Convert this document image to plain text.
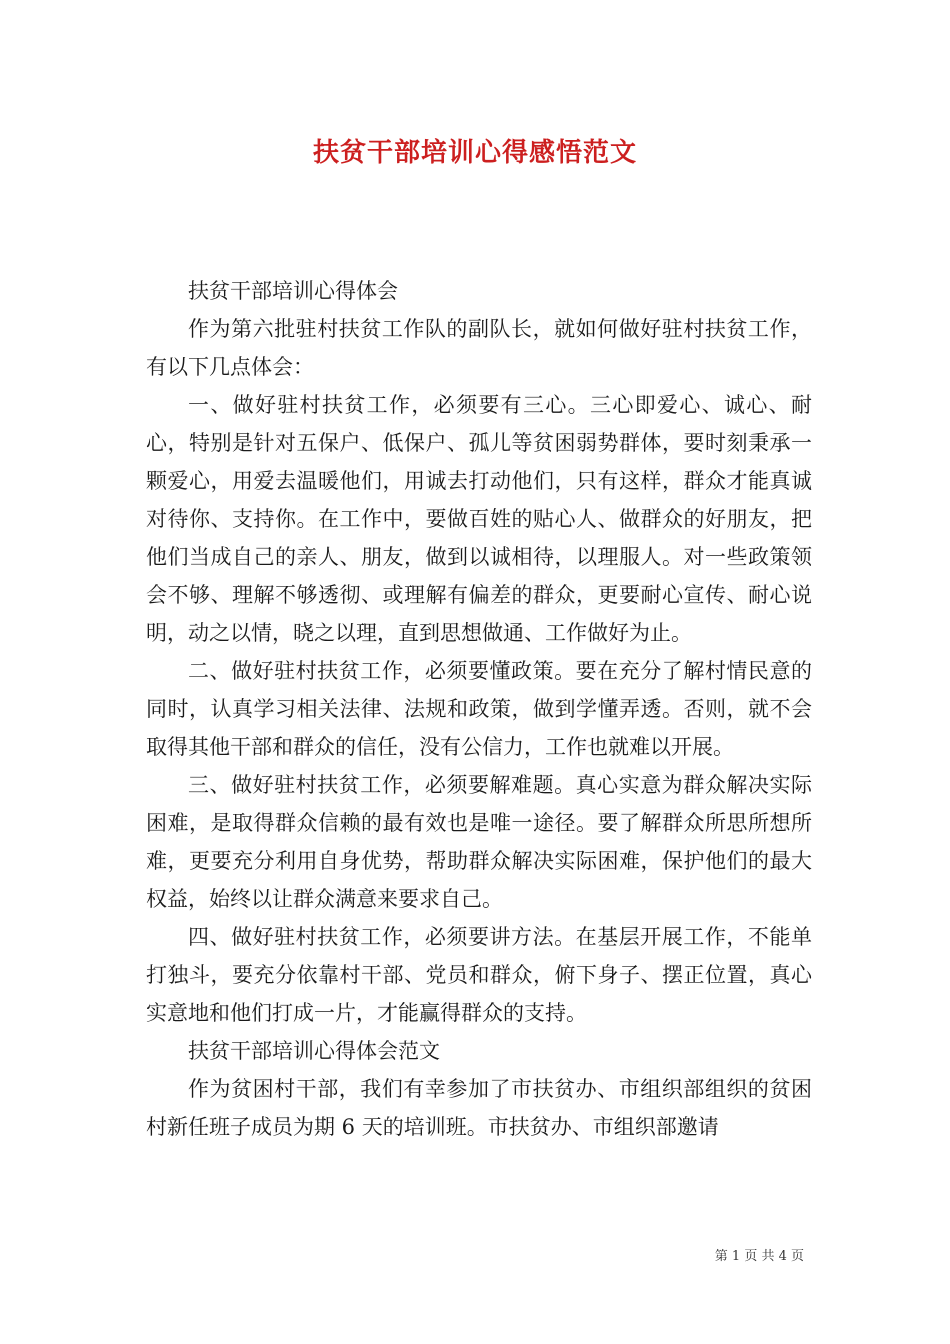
扶贫干部培训心得感悟范文

扶贫干部培训心得体会

作为第六批驻村扶贫工作队的副队长，就如何做好驻村扶贫工作，有以下几点体会：

一、做好驻村扶贫工作，必须要有三心。三心即爱心、诚心、耐心，特别是针对五保户、低保户、孤儿等贫困弱势群体，要时刻秉承一颗爱心，用爱去温暖他们，用诚去打动他们，只有这样，群众才能真诚对待你、支持你。在工作中，要做百姓的贴心人、做群众的好朋友，把他们当成自己的亲人、朋友，做到以诚相待，以理服人。对一些政策领会不够、理解不够透彻、或理解有偏差的群众，更要耐心宣传、耐心说明，动之以情，晓之以理，直到思想做通、工作做好为止。

二、做好驻村扶贫工作，必须要懂政策。要在充分了解村情民意的同时，认真学习相关法律、法规和政策，做到学懂弄透。否则，就不会取得其他干部和群众的信任，没有公信力，工作也就难以开展。

三、做好驻村扶贫工作，必须要解难题。真心实意为群众解决实际困难，是取得群众信赖的最有效也是唯一途径。要了解群众所思所想所难，更要充分利用自身优势，帮助群众解决实际困难，保护他们的最大权益，始终以让群众满意来要求自己。

四、做好驻村扶贫工作，必须要讲方法。在基层开展工作，不能单打独斗，要充分依靠村干部、党员和群众，俯下身子、摆正位置，真心实意地和他们打成一片，才能赢得群众的支持。

扶贫干部培训心得体会范文

作为贫困村干部，我们有幸参加了市扶贫办、市组织部组织的贫困村新任班子成员为期 6 天的培训班。市扶贫办、市组织部邀请

第 1 页 共 4 页
